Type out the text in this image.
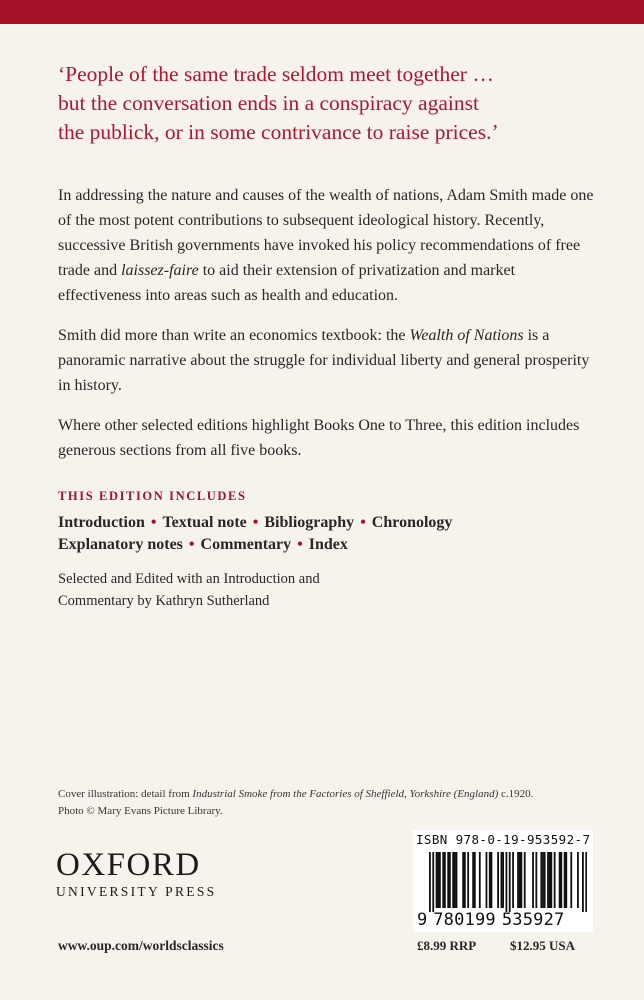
‘People of the same trade seldom meet together …
but the conversation ends in a conspiracy against
the publick, or in some contrivance to raise prices.’

In addressing the nature and causes of the wealth of nations, Adam Smith made one of the most potent contributions to subsequent ideological history. Recently, successive British governments have invoked his policy recommendations of free trade and laissez-faire to aid their extension of privatization and market effectiveness into areas such as health and education.

Smith did more than write an economics textbook: the Wealth of Nations is a panoramic narrative about the struggle for individual liberty and general prosperity in history.

Where other selected editions highlight Books One to Three, this edition includes generous sections from all five books.

THIS EDITION INCLUDES
Introduction • Textual note • Bibliography • Chronology
Explanatory notes • Commentary • Index
Selected and Edited with an Introduction and Commentary by Kathryn Sutherland
Cover illustration: detail from Industrial Smoke from the Factories of Sheffield, Yorkshire (England) c.1920.
Photo © Mary Evans Picture Library.
OXFORD
UNIVERSITY PRESS
www.oup.com/worldsclassics
ISBN 978-0-19-953592-7
9 780199 535927
£8.99 RRP	$12.95 USA
